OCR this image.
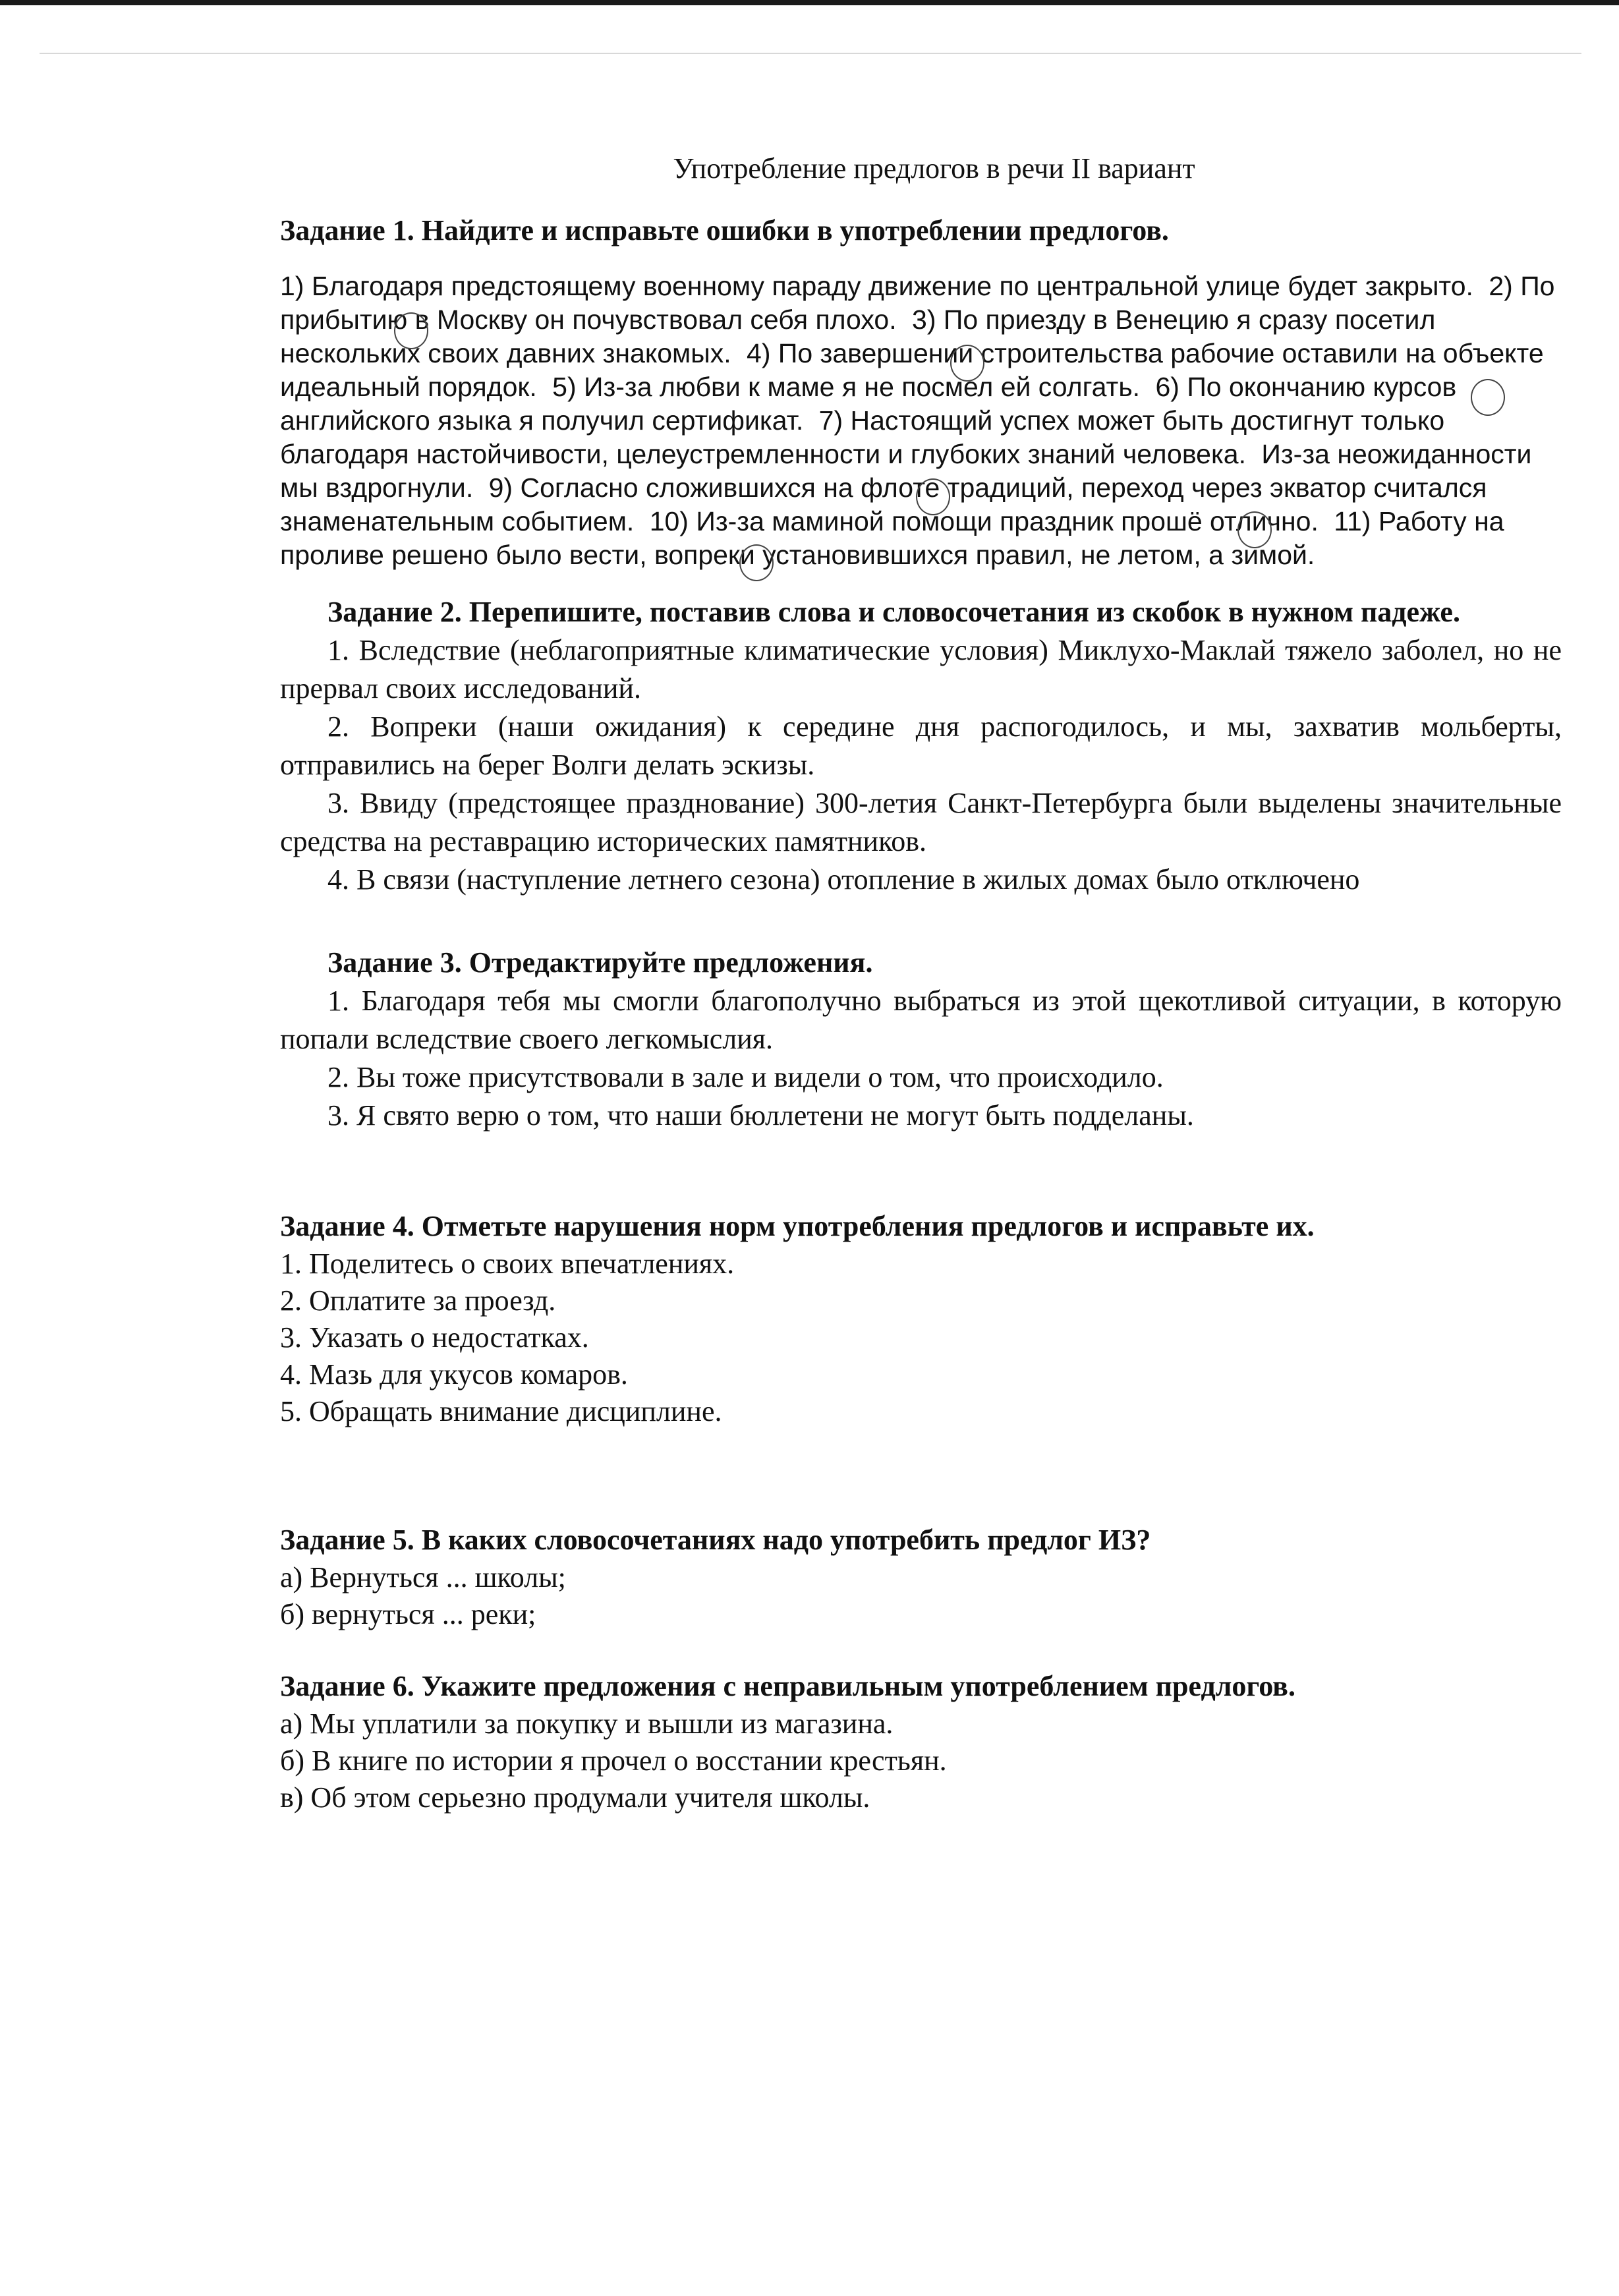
Употребление предлогов в речи II вариант

Задание 1. Найдите и исправьте ошибки в употреблении предлогов.

1) Благодаря предстоящему военному параду движение по центральной улице будет закрыто. 2) По прибытию в Москву он почувствовал себя плохо. 3) По приезду в Венецию я сразу посетил нескольких своих давних знакомых. 4) По завершении строительства рабочие оставили на объекте идеальный порядок. 5) Из-за любви к маме я не посмел ей солгать. 6) По окончанию курсов английского языка я получил сертификат. 7) Настоящий успех может быть достигнут только благодаря настойчивости, целеустремленности и глубоких знаний человека. Из-за неожиданности мы вздрогнули. 9) Согласно сложившихся на флоте традиций, переход через экватор считался знаменательным событием. 10) Из-за маминой помощи праздник прошё отлично. 11) Работу на проливе решено было вести, вопреки установившихся правил, не летом, а зимой.

Задание 2. Перепишите, поставив слова и словосочетания из скобок в нужном падеже.

1. Вследствие (неблагоприятные климатические условия) Миклухо-Маклай тяжело заболел, но не прервал своих исследований.

2. Вопреки (наши ожидания) к середине дня распогодилось, и мы, захватив мольберты, отправились на берег Волги делать эскизы.

3. Ввиду (предстоящее празднование) 300-летия Санкт-Петербурга были выделены значительные средства на реставрацию исторических памятников.

4. В связи (наступление летнего сезона) отопление в жилых домах было отключено

Задание 3. Отредактируйте предложения.

1. Благодаря тебя мы смогли благополучно выбраться из этой щекотливой ситуации, в которую попали вследствие своего легкомыслия.

2. Вы тоже присутствовали в зале и видели о том, что происходило.

3. Я свято верю о том, что наши бюллетени не могут быть подделаны.

Задание 4. Отметьте нарушения норм употребления предлогов и исправьте их.

1. Поделитесь о своих впечатлениях.

2. Оплатите за проезд.

3. Указать о недостатках.

4. Мазь для укусов комаров.

5. Обращать внимание дисциплине.

Задание 5. В каких словосочетаниях надо употребить предлог ИЗ?

а) Вернуться ... школы;

б) вернуться ... реки;

Задание 6. Укажите предложения с неправильным употреблением предлогов.

а) Мы уплатили за покупку и вышли из магазина.

б) В книге по истории я прочел о восстании крестьян.

в) Об этом серьезно продумали учителя школы.
